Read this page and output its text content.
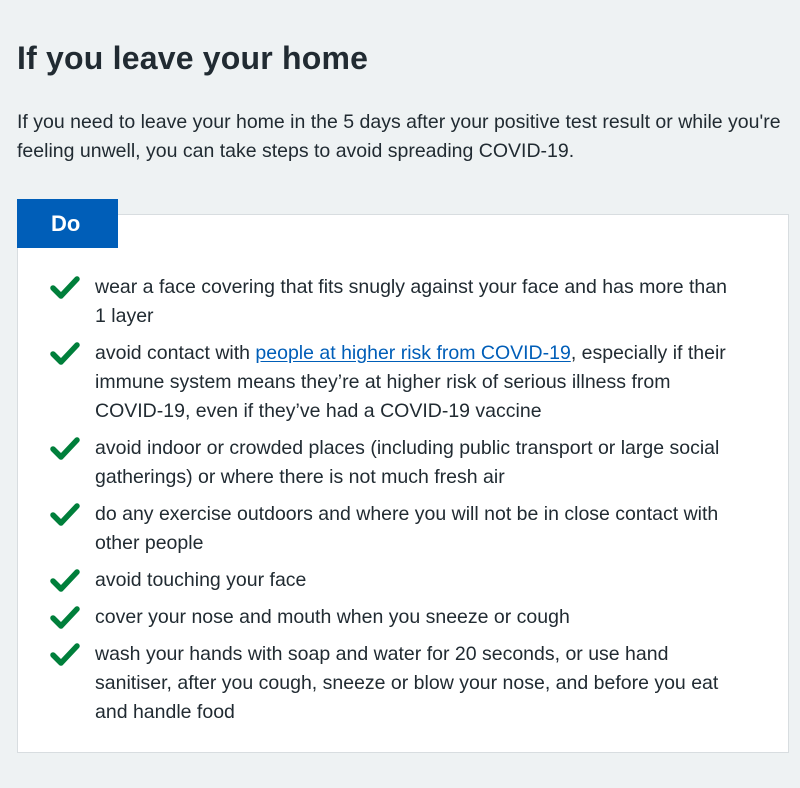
If you leave your home

If you need to leave your home in the 5 days after your positive test result or while you're feeling unwell, you can take steps to avoid spreading COVID-19.

Do
wear a face covering that fits snugly against your face and has more than 1 layer
avoid contact with people at higher risk from COVID-19, especially if their immune system means they’re at higher risk of serious illness from COVID-19, even if they’ve had a COVID-19 vaccine
avoid indoor or crowded places (including public transport or large social gatherings) or where there is not much fresh air
do any exercise outdoors and where you will not be in close contact with other people
avoid touching your face
cover your nose and mouth when you sneeze or cough
wash your hands with soap and water for 20 seconds, or use hand sanitiser, after you cough, sneeze or blow your nose, and before you eat and handle food
